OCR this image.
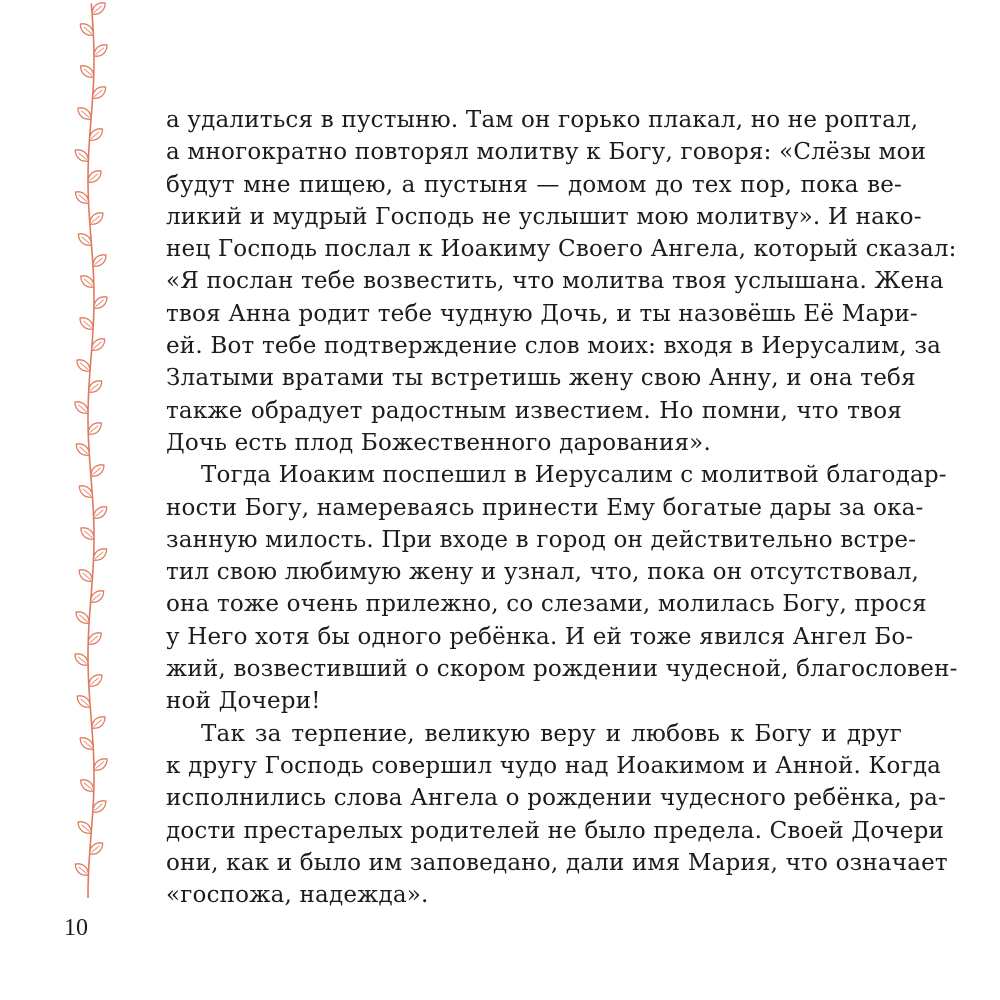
а удалиться в пустыню. Там он горько плакал, но не роптал,
а многократно повторял молитву к Богу, говоря: «Слёзы мои
будут мне пищею, а пустыня — домом до тех пор, пока ве-
ликий и мудрый Господь не услышит мою молитву». И нако-
нец Господь послал к Иоакиму Своего Ангела, который сказал:
«Я послан тебе возвестить, что молитва твоя услышана. Жена
твоя Анна родит тебе чудную Дочь, и ты назовёшь Её Мари-
ей. Вот тебе подтверждение слов моих: входя в Иерусалим, за
Златыми вратами ты встретишь жену свою Анну, и она тебя
также обрадует радостным известием. Но помни, что твоя
Дочь есть плод Божественного дарования».
Тогда Иоаким поспешил в Иерусалим с молитвой благодар-
ности Богу, намереваясь принести Ему богатые дары за ока-
занную милость. При входе в город он действительно встре-
тил свою любимую жену и узнал, что, пока он отсутствовал,
она тоже очень прилежно, со слезами, молилась Богу, прося
у Него хотя бы одного ребёнка. И ей тоже явился Ангел Бо-
жий, возвестивший о скором рождении чудесной, благословен-
ной Дочери!
Так за терпение, великую веру и любовь к Богу и друг
к другу Господь совершил чудо над Иоакимом и Анной. Когда
исполнились слова Ангела о рождении чудесного ребёнка, ра-
дости престарелых родителей не было предела. Своей Дочери
они, как и было им заповедано, дали имя Мария, что означает
«госпожа, надежда».
10
